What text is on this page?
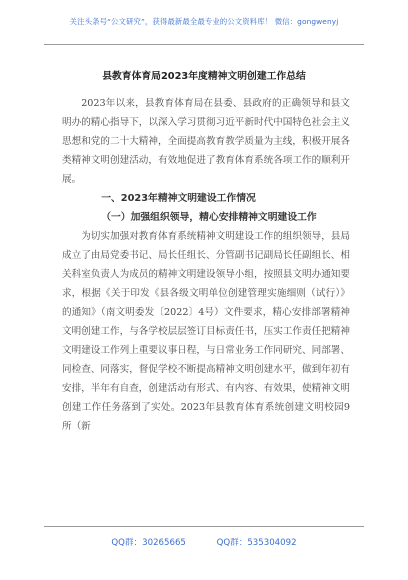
关注头条号“公文研究”，获得最新最全最专业的公文资料库！ 微信：gongwenyj
县教育体育局2023年度精神文明创建工作总结

2023年以来，县教育体育局在县委、县政府的正确领导和县文明办的精心指导下，以深入学习贯彻习近平新时代中国特色社会主义思想和党的二十大精神，全面提高教育教学质量为主线，积极开展各类精神文明创建活动，有效地促进了教育体育系统各项工作的顺利开展。

一、2023年精神文明建设工作情况

（一）加强组织领导，精心安排精神文明建设工作

为切实加强对教育体育系统精神文明建设工作的组织领导，县局成立了由局党委书记、局长任组长、分管副书记副局长任副组长、相关科室负责人为成员的精神文明建设领导小组，按照县文明办通知要求，根据《关于印发《县各级文明单位创建管理实施细则（试行）》的通知》（南文明委发〔2022〕4号）文件要求，精心安排部署精神文明创建工作，与各学校层层签订目标责任书，压实工作责任把精神文明建设工作列上重要议事日程，与日常业务工作同研究、同部署、同检查、同落实，督促学校不断提高精神文明创建水平，做到年初有安排，半年有自查，创建活动有形式、有内容、有效果，使精神文明创建工作任务落到了实处。2023年县教育体育系统创建文明校园9所（新

QQ群：30265665	QQ群：535304092
